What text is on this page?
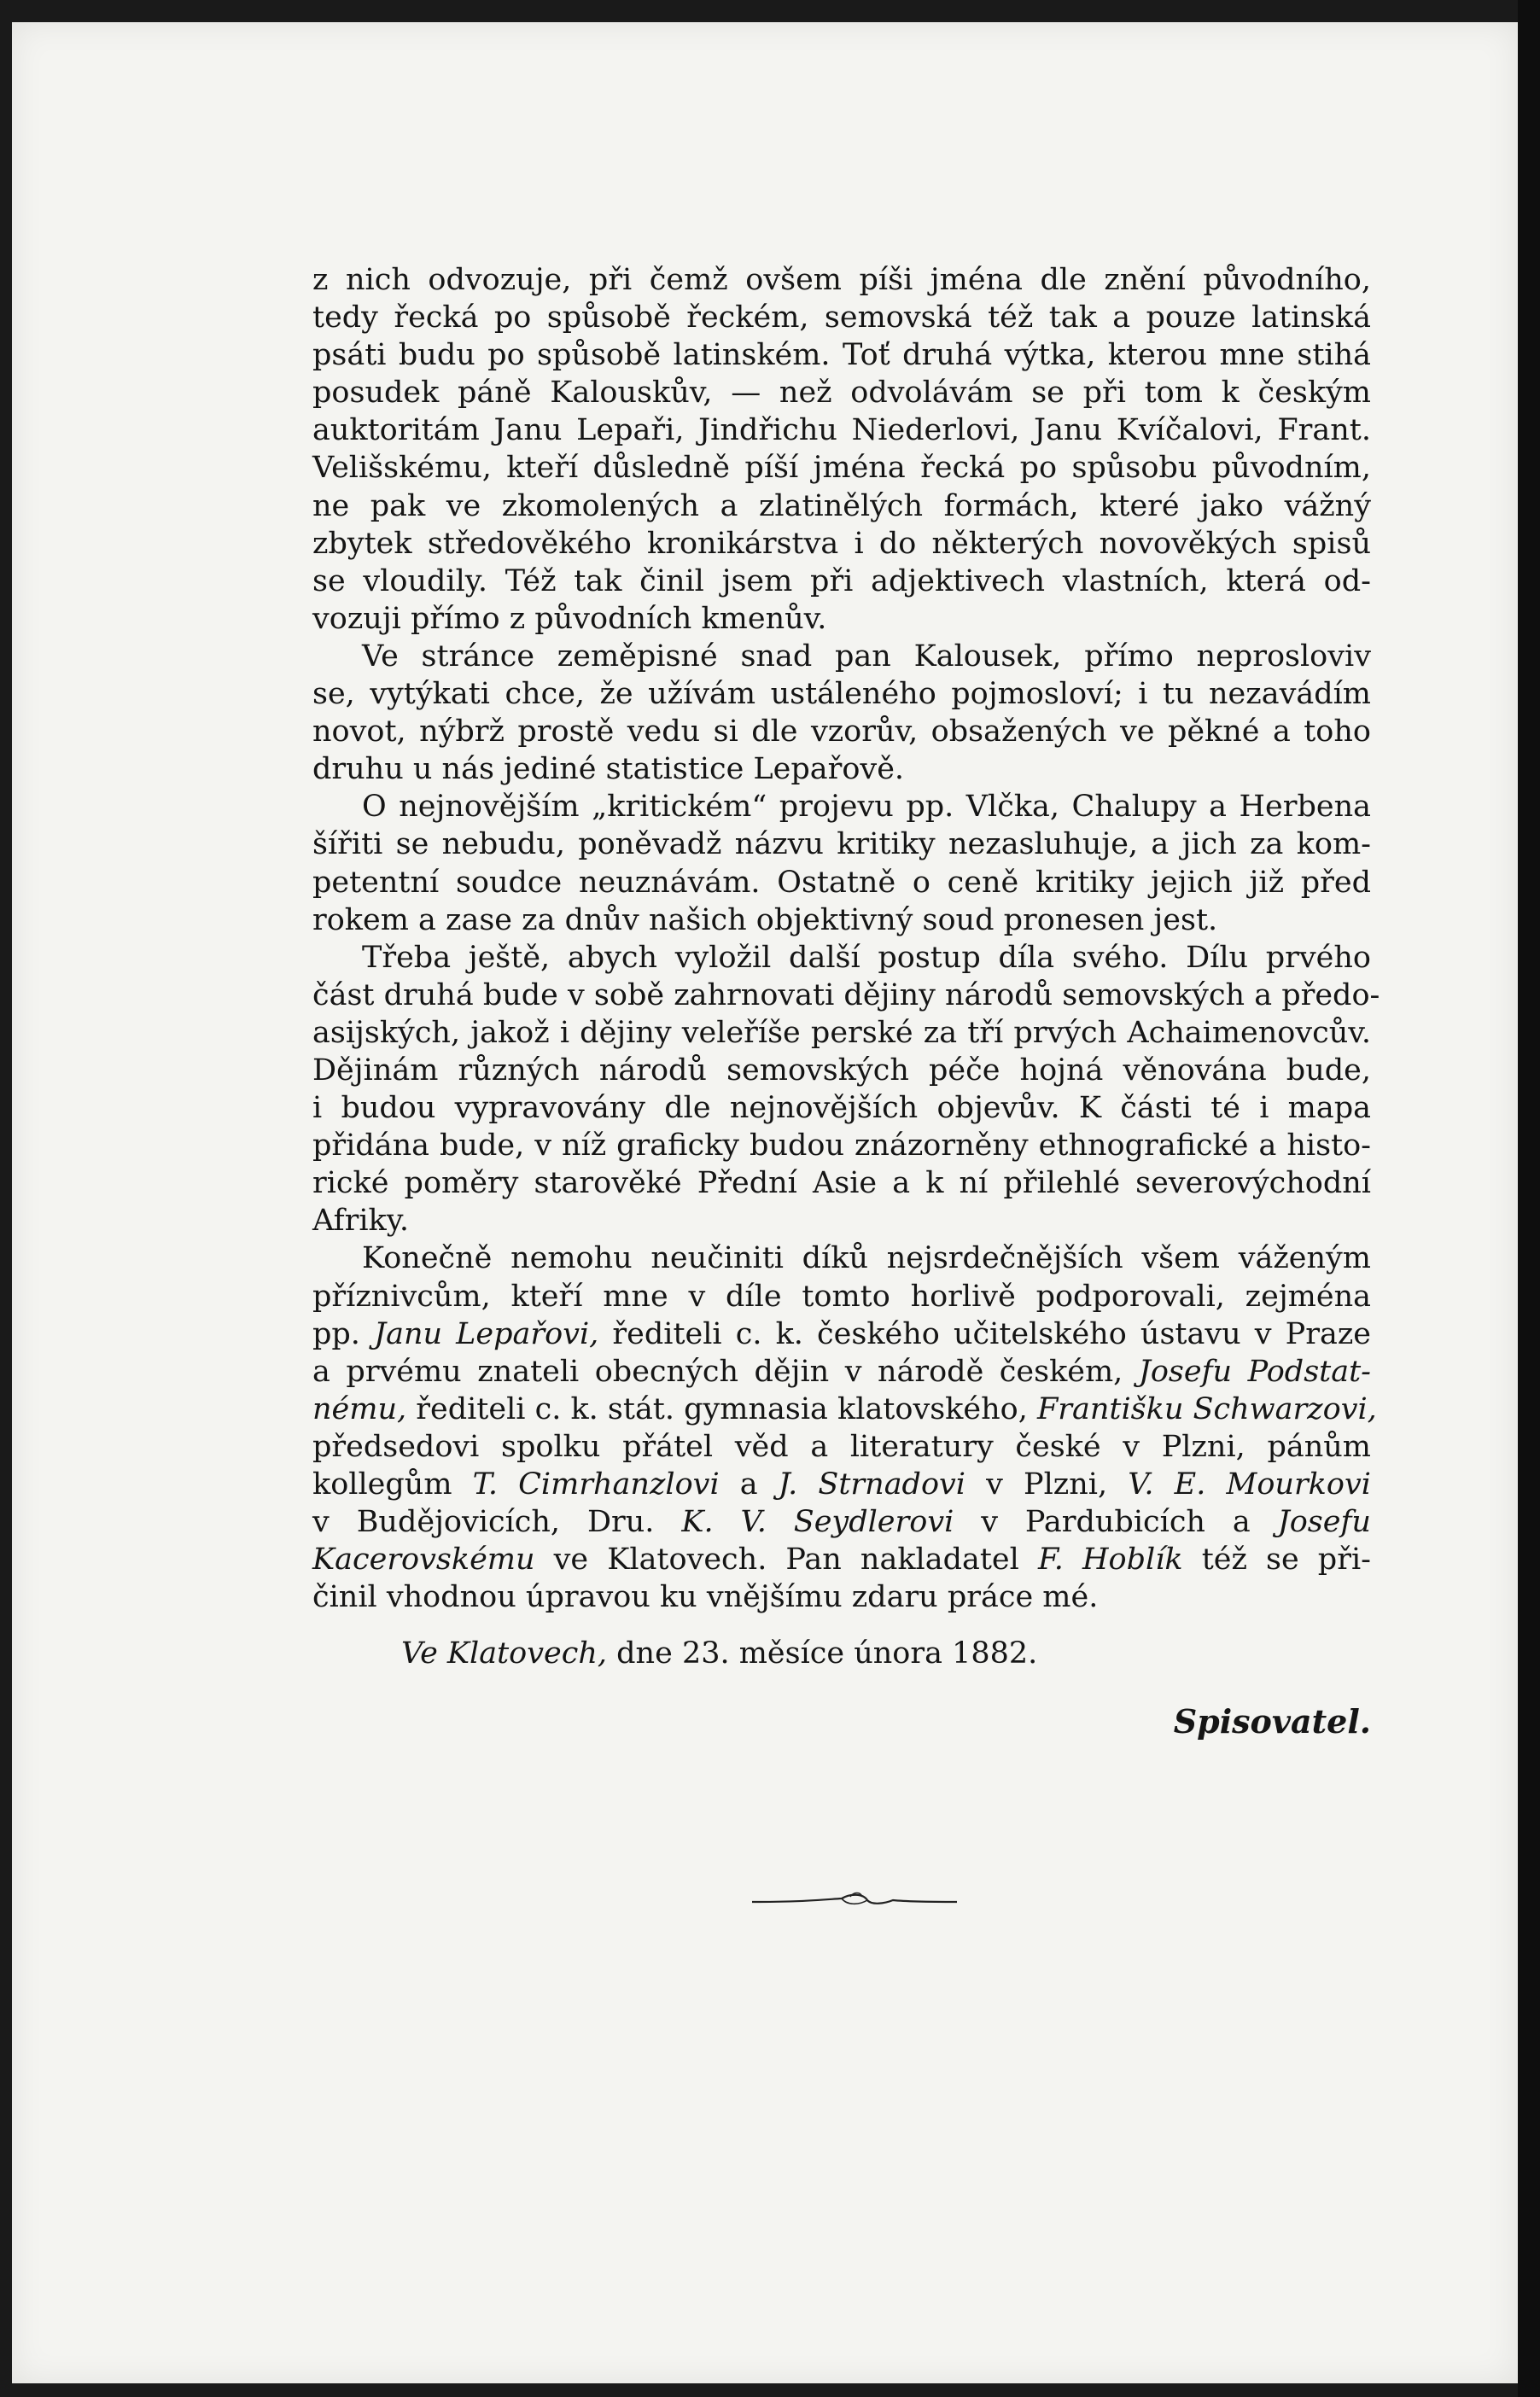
z nich odvozuje, při čemž ovšem píši jména dle znění původního,
tedy řecká po spůsobě řeckém, semovská též tak a pouze latinská
psáti budu po spůsobě latinském. Toť druhá výtka, kterou mne stihá
posudek páně Kalouskův, — než odvolávám se při tom k českým
auktoritám Janu Lepaři, Jindřichu Niederlovi, Janu Kvíčalovi, Frant.
Velišskému, kteří důsledně píší jména řecká po spůsobu původním,
ne pak ve zkomolených a zlatinělých formách, které jako vážný
zbytek středověkého kronikárstva i do některých novověkých spisů
se vloudily. Též tak činil jsem při adjektivech vlastních, která od-
vozuji přímo z původních kmenův.
Ve stránce zeměpisné snad pan Kalousek, přímo neprosloviv
se, vytýkati chce, že užívám ustáleného pojmosloví; i tu nezavádím
novot, nýbrž prostě vedu si dle vzorův, obsažených ve pěkné a toho
druhu u nás jediné statistice Lepařově.
O nejnovějším „kritickém“ projevu pp. Vlčka, Chalupy a Herbena
šířiti se nebudu, poněvadž názvu kritiky nezasluhuje, a jich za kom-
petentní soudce neuznávám. Ostatně o ceně kritiky jejich již před
rokem a zase za dnův našich objektivný soud pronesen jest.
Třeba ještě, abych vyložil další postup díla svého. Dílu prvého
část druhá bude v sobě zahrnovati dějiny národů semovských a předo-
asijských, jakož i dějiny veleříše perské za tří prvých Achaimenovcův.
Dějinám různých národů semovských péče hojná věnována bude,
i budou vypravovány dle nejnovějších objevův. K části té i mapa
přidána bude, v níž graficky budou znázorněny ethnografické a histo-
rické poměry starověké Přední Asie a k ní přilehlé severovýchodní
Afriky.
Konečně nemohu neučiniti díků nejsrdečnějších všem váženým
příznivcům, kteří mne v díle tomto horlivě podporovali, zejména
pp. Janu Lepařovi, řediteli c. k. českého učitelského ústavu v Praze
a prvému znateli obecných dějin v národě českém, Josefu Podstat-
nému, řediteli c. k. stát. gymnasia klatovského, Františku Schwarzovi,
předsedovi spolku přátel věd a literatury české v Plzni, pánům
kollegům T. Cimrhanzlovi a J. Strnadovi v Plzni, V. E. Mourkovi
v Budějovicích, Dru. K. V. Seydlerovi v Pardubicích a Josefu
Kacerovskému ve Klatovech. Pan nakladatel F. Hoblík též se při-
činil vhodnou úpravou ku vnějšímu zdaru práce mé.
Ve Klatovech, dne 23. měsíce února 1882.
Spisovatel.
